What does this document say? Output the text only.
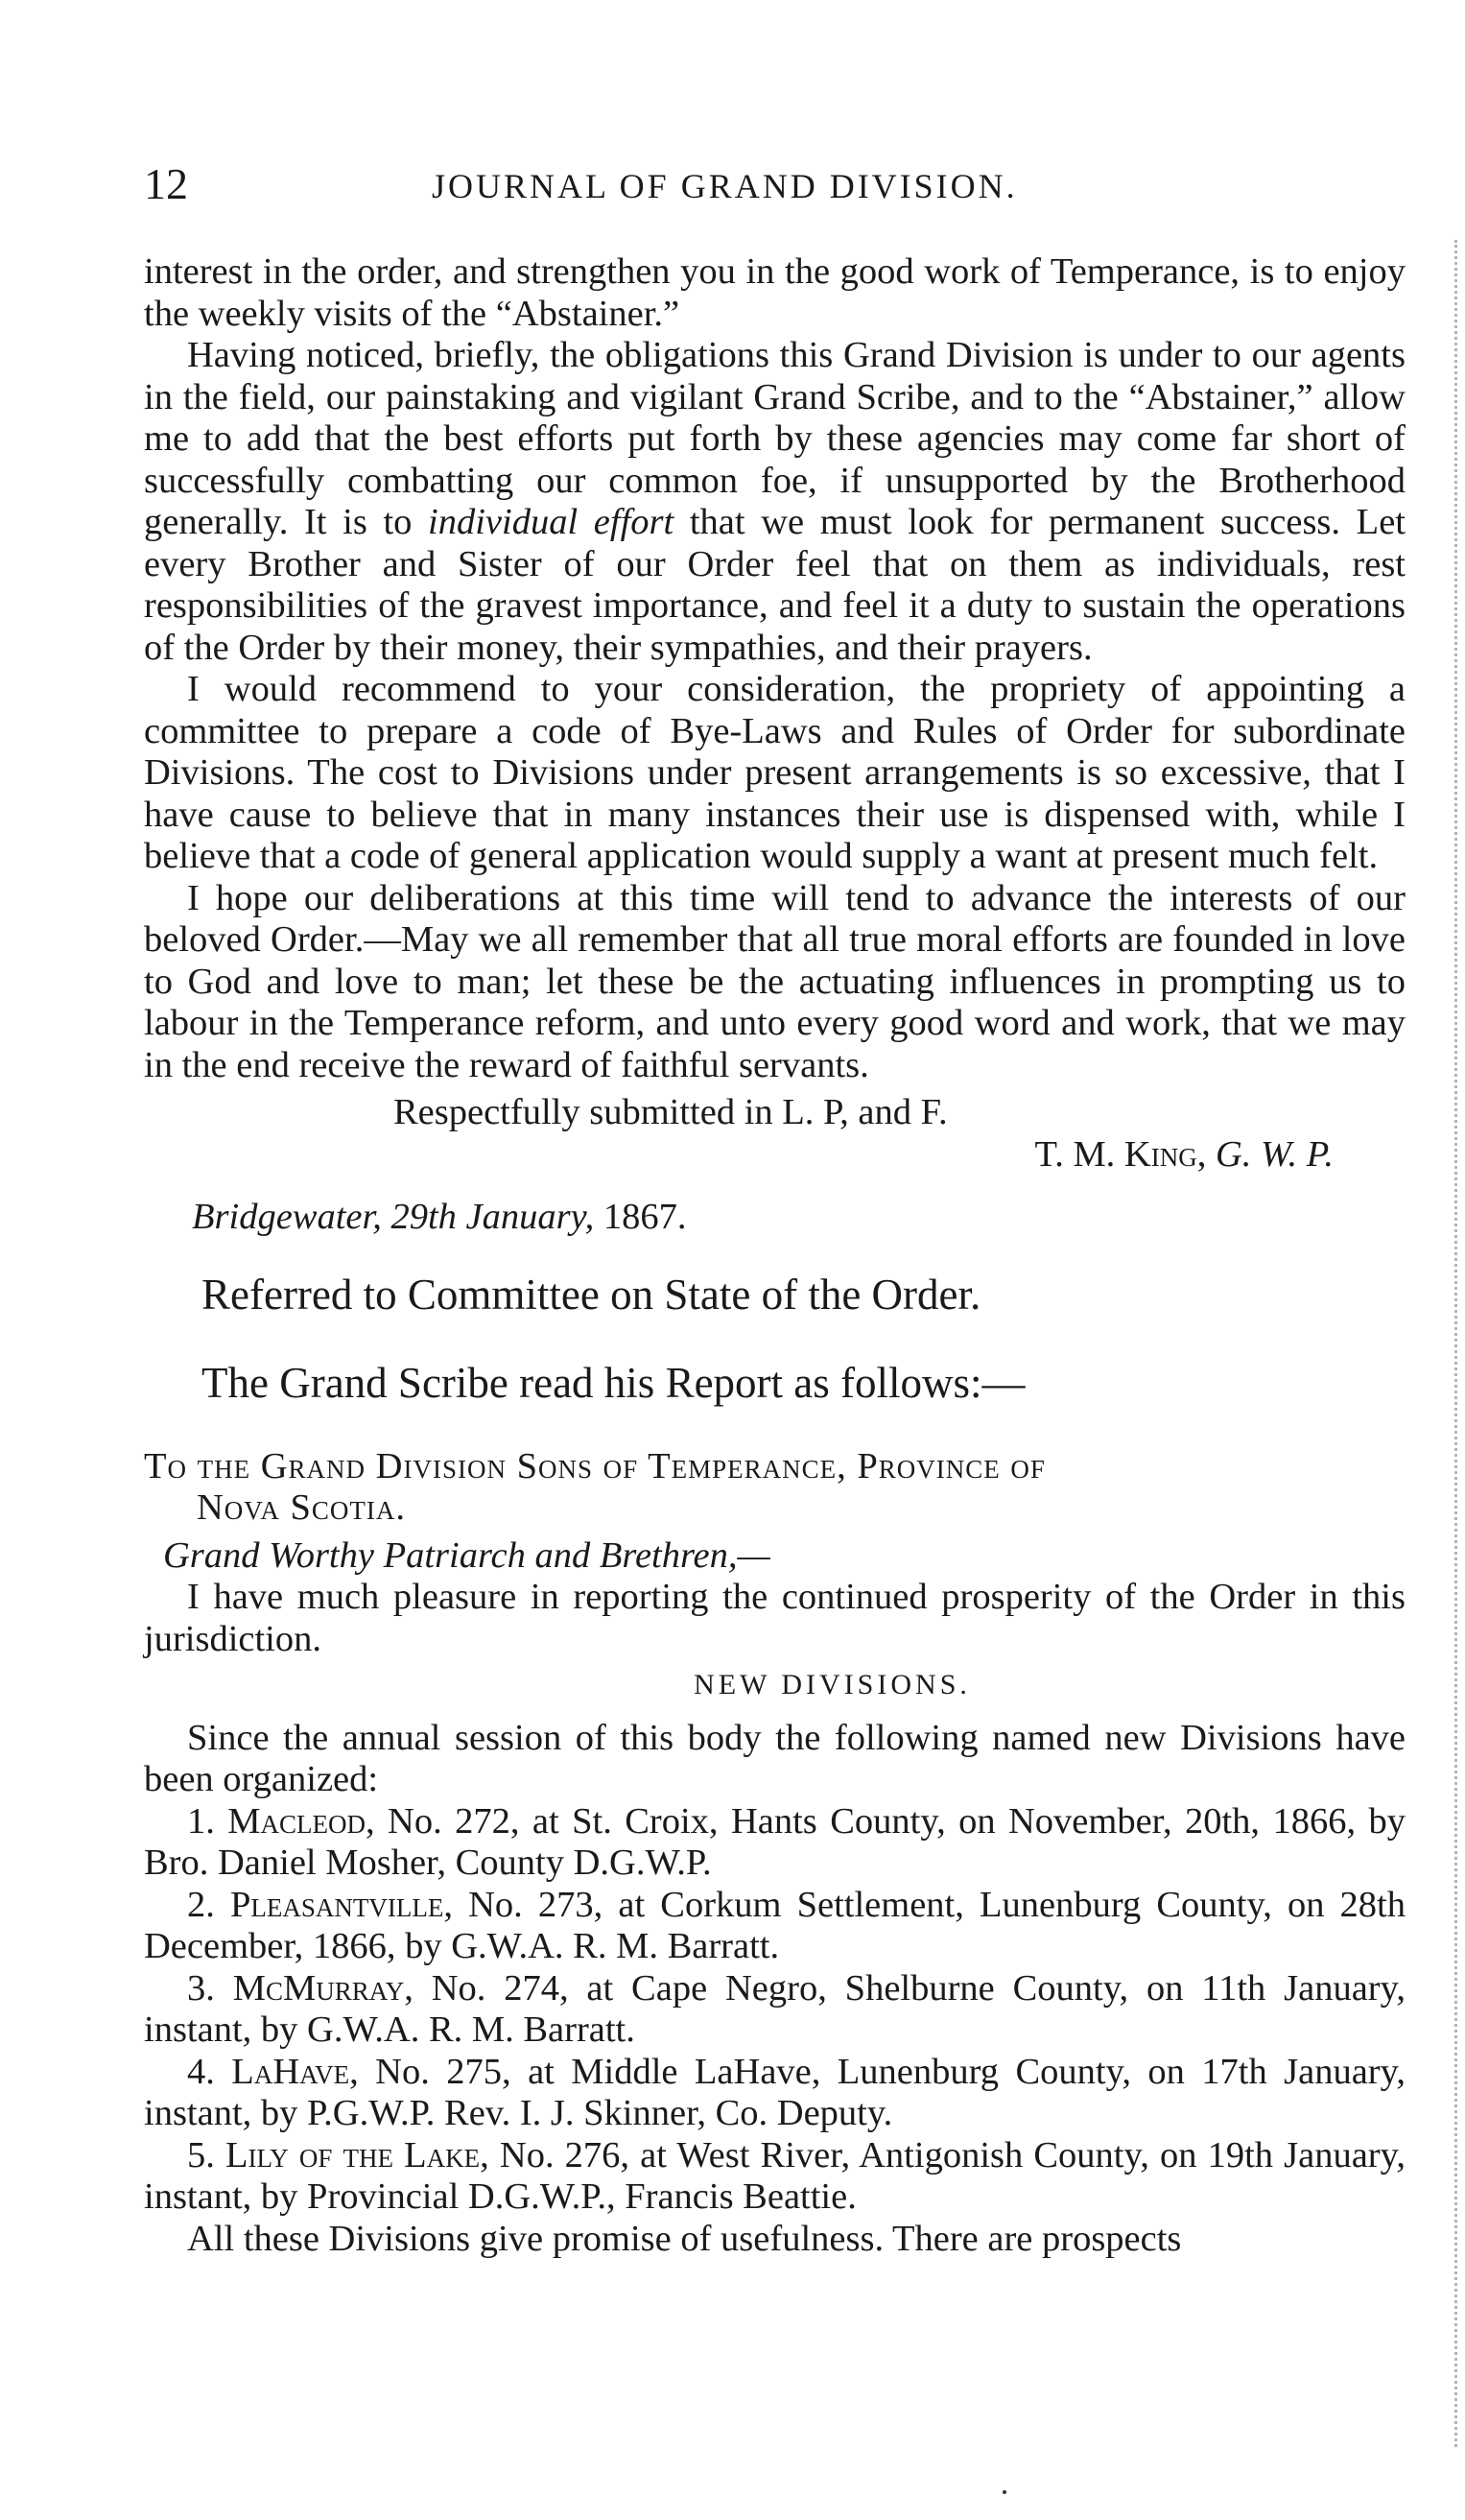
12	JOURNAL OF GRAND DIVISION.

interest in the order, and strengthen you in the good work of Temperance, is to enjoy the weekly visits of the “Abstainer.”

Having noticed, briefly, the obligations this Grand Division is under to our agents in the field, our painstaking and vigilant Grand Scribe, and to the “Abstainer,” allow me to add that the best efforts put forth by these agencies may come far short of successfully combatting our common foe, if unsupported by the Brotherhood generally. It is to individual effort that we must look for permanent success. Let every Brother and Sister of our Order feel that on them as individuals, rest responsibilities of the gravest importance, and feel it a duty to sustain the operations of the Order by their money, their sympathies, and their prayers.

I would recommend to your consideration, the propriety of appointing a committee to prepare a code of Bye-Laws and Rules of Order for subordinate Divisions. The cost to Divisions under present arrangements is so excessive, that I have cause to believe that in many instances their use is dispensed with, while I believe that a code of general application would supply a want at present much felt.

I hope our deliberations at this time will tend to advance the interests of our beloved Order.—May we all remember that all true moral efforts are founded in love to God and love to man; let these be the actuating influences in prompting us to labour in the Temperance reform, and unto every good word and work, that we may in the end receive the reward of faithful servants.

Respectfully submitted in L. P, and F.

T. M. King, G. W. P.

Bridgewater, 29th January, 1867.

Referred to Committee on State of the Order.

The Grand Scribe read his Report as follows:—

To the Grand Division Sons of Temperance, Province of
Nova Scotia.

Grand Worthy Patriarch and Brethren,—

I have much pleasure in reporting the continued prosperity of the Order in this jurisdiction.

NEW DIVISIONS.

Since the annual session of this body the following named new Divisions have been organized:

1. Macleod, No. 272, at St. Croix, Hants County, on November, 20th, 1866, by Bro. Daniel Mosher, County D.G.W.P.

2. Pleasantville, No. 273, at Corkum Settlement, Lunenburg County, on 28th December, 1866, by G.W.A. R. M. Barratt.

3. McMurray, No. 274, at Cape Negro, Shelburne County, on 11th January, instant, by G.W.A. R. M. Barratt.

4. LaHave, No. 275, at Middle LaHave, Lunenburg County, on 17th January, instant, by P.G.W.P. Rev. I. J. Skinner, Co. Deputy.

5. Lily of the Lake, No. 276, at West River, Antigonish County, on 19th January, instant, by Provincial D.G.W.P., Francis Beattie.

All these Divisions give promise of usefulness. There are prospects
